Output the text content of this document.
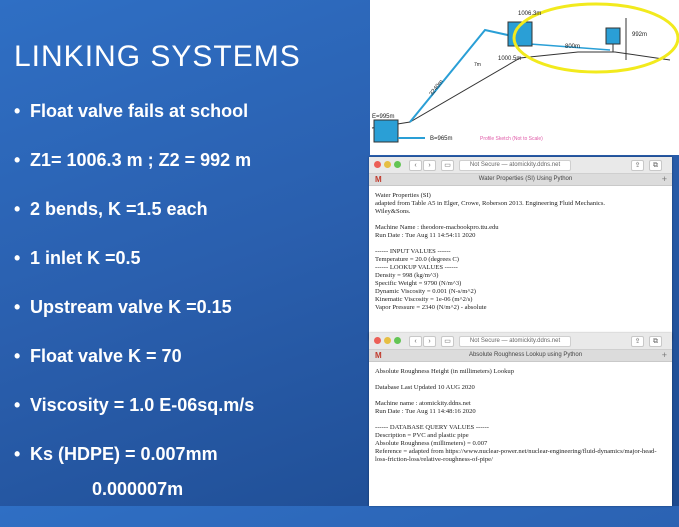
LINKING SYSTEMS
• Float valve fails at school
• Z1= 1006.3 m ; Z2 = 992 m
• 2 bends, K =1.5 each
• 1 inlet K =0.5
• Upstream valve K =0.15
• Float valve K = 70
• Viscosity = 1.0 E-06sq.m/s
• Ks (HDPE) = 0.007mm
0.000007m
1006.3m
992m
800m
1000.5m
3240m
7m
E=995m
B=965m	Profile Sketch (Not to Scale)
‹	›	▭	Not Secure — atomickity.ddns.net	⇪	⧉
M	Water Properties (SI) Using Python	+

Water Properties (SI)

adapted from Table A5 in Elger, Crowe, Roberson 2013. Engineering Fluid Mechanics.

Wiley&Sons.

Machine Name : theodore-macbookpro.ttu.edu

Run Date : Tue Aug 11 14:54:11 2020

------ INPUT VALUES ------

Temperature = 20.0 (degrees C)

------ LOOKUP VALUES ------

Density = 998 (kg/m^3)

Specific Weight = 9790 (N/m^3)

Dynamic Viscosity = 0.001 (N-s/m^2)

Kinematic Viscosity = 1e-06 (m^2/s)

Vapor Pressure = 2340 (N/m^2) - absolute

‹	›	▭	Not Secure — atomickity.ddns.net	⇪	⧉
M	Absolute Roughness Lookup using Python	+

Absolute Roughness Height (in millimeters) Lookup

Database Last Updated 10 AUG 2020

Machine name : atomickity.ddns.net

Run Date : Tue Aug 11 14:48:16 2020

------ DATABASE QUERY VALUES ------

Description = PVC and plastic pipe

Absolute Roughness (millimeters) = 0.007

Reference = adapted from https://www.nuclear-power.net/nuclear-engineering/fluid-dynamics/major-head-loss-friction-loss/relative-roughness-of-pipe/
